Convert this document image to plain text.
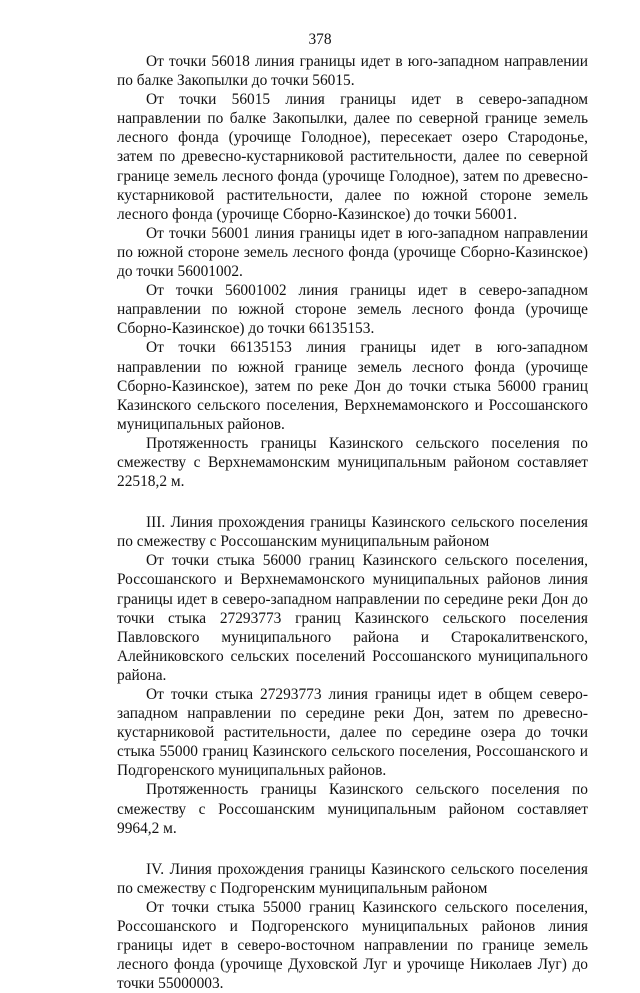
378

От точки 56018 линия границы идет в юго-западном направлении по балке Закопылки до точки 56015.

От точки 56015 линия границы идет в северо-западном направлении по балке Закопылки, далее по северной границе земель лесного фонда (урочище Голодное), пересекает озеро Стародонье, затем по древесно-кустарниковой растительности, далее по северной границе земель лесного фонда (урочище Голодное), затем по древесно-кустарниковой растительности, далее по южной стороне земель лесного фонда (урочище Сборно-Казинское) до точки 56001.

От точки 56001 линия границы идет в юго-западном направлении по южной стороне земель лесного фонда (урочище Сборно-Казинское) до точки 56001002.

От точки 56001002 линия границы идет в северо-западном направлении по южной стороне земель лесного фонда (урочище Сборно-Казинское) до точки 66135153.

От точки 66135153 линия границы идет в юго-западном направлении по южной границе земель лесного фонда (урочище Сборно-Казинское), затем по реке Дон до точки стыка 56000 границ Казинского сельского поселения, Верхнемамонского и Россошанского муниципальных районов.

Протяженность границы Казинского сельского поселения по смежеству с Верхнемамонским муниципальным районом составляет 22518,2 м.

III. Линия прохождения границы Казинского сельского поселения по смежеству с Россошанским муниципальным районом

От точки стыка 56000 границ Казинского сельского поселения, Россошанского и Верхнемамонского муниципальных районов линия границы идет в северо-западном направлении по середине реки Дон до точки стыка 27293773 границ Казинского сельского поселения Павловского муниципального района и Старокалитвенского, Алейниковского сельских поселений Россошанского муниципального района.

От точки стыка 27293773 линия границы идет в общем северо-западном направлении по середине реки Дон, затем по древесно-кустарниковой растительности, далее по середине озера до точки стыка 55000 границ Казинского сельского поселения, Россошанского и Подгоренского муниципальных районов.

Протяженность границы Казинского сельского поселения по смежеству с Россошанским муниципальным районом составляет 9964,2 м.

IV. Линия прохождения границы Казинского сельского поселения по смежеству с Подгоренским муниципальным районом

От точки стыка 55000 границ Казинского сельского поселения, Россошанского и Подгоренского муниципальных районов линия границы идет в северо-восточном направлении по границе земель лесного фонда (урочище Духовской Луг и урочище Николаев Луг) до точки 55000003.
